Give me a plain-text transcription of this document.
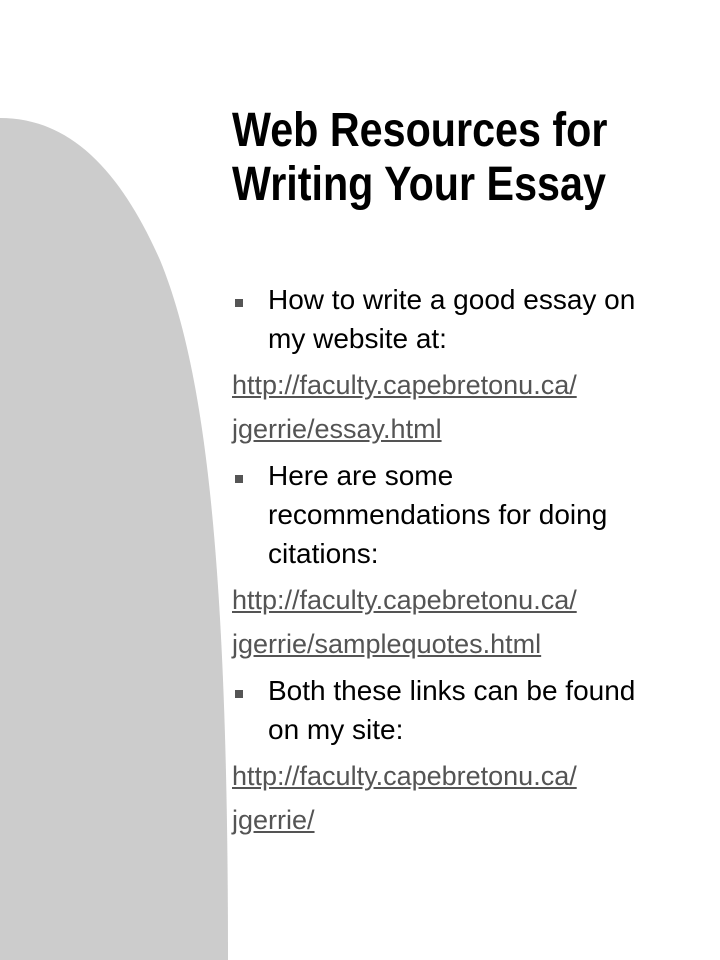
Web Resources for
Writing Your Essay
How to write a good essay on
my website at:
http://faculty.capebretonu.ca/
jgerrie/essay.html
Here are some
recommendations for doing
citations:
http://faculty.capebretonu.ca/
jgerrie/samplequotes.html
Both these links can be found
on my site:
http://faculty.capebretonu.ca/
jgerrie/
